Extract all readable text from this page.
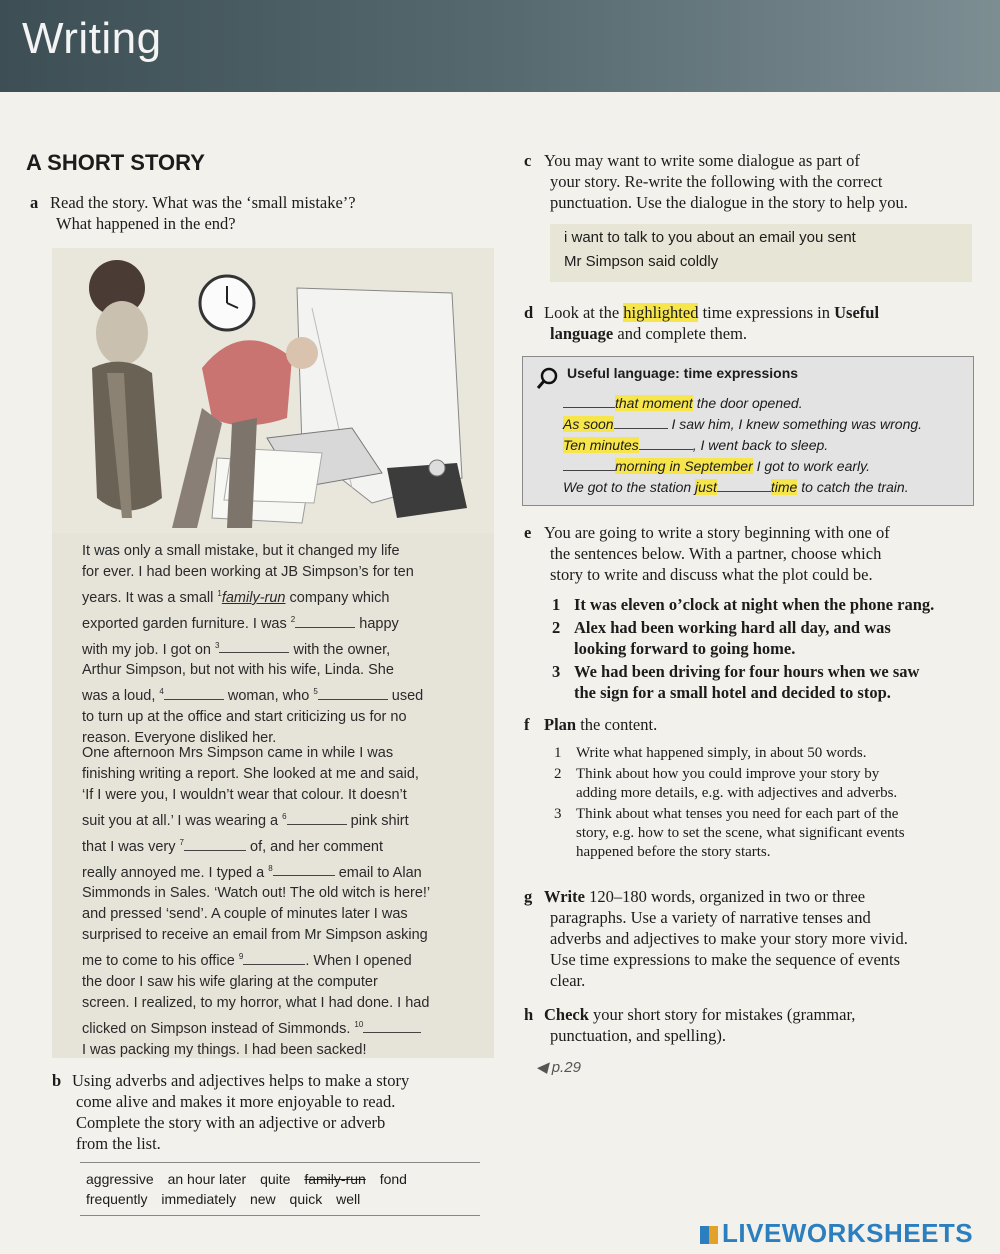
Writing
A SHORT STORY
a Read the story. What was the ‘small mistake’?
What happened in the end?
It was only a small mistake, but it changed my life
for ever. I had been working at JB Simpson’s for ten
years. It was a small $^1$family-run company which
exported garden furniture. I was $^2$	happy
with my job. I got on $^3$	with the owner,
Arthur Simpson, but not with his wife, Linda. She
was a loud, $^4$	woman, who $^5$	used
to turn up at the office and start criticizing us for no
reason. Everyone disliked her.
One afternoon Mrs Simpson came in while I was
finishing writing a report. She looked at me and said,
‘If I were you, I wouldn’t wear that colour. It doesn’t
suit you at all.’ I was wearing a $^6$	pink shirt
that I was very $^7$	of, and her comment
really annoyed me. I typed a $^8$	email to Alan
Simmonds in Sales. ‘Watch out! The old witch is here!’
and pressed ‘send’. A couple of minutes later I was
surprised to receive an email from Mr Simpson asking
me to come to his office $^9$	. When I opened
the door I saw his wife glaring at the computer
screen. I realized, to my horror, what I had done. I had
clicked on Simpson instead of Simmonds. $^{10}$
I was packing my things. I had been sacked!
b Using adverbs and adjectives helps to make a story
come alive and makes it more enjoyable to read.
Complete the story with an adjective or adverb
from the list.
aggressive an hour later quite family-run fond
frequently immediately new quick well
c You may want to write some dialogue as part of
your story. Re-write the following with the correct
punctuation. Use the dialogue in the story to help you.
i want to talk to you about an email you sent
Mr Simpson said coldly
d Look at the highlighted time expressions in Useful
language and complete them.
Useful language: time expressions
that moment the door opened.
As soon	I saw him, I knew something was wrong.
Ten minutes	, I went back to sleep.
morning in September I got to work early.
We got to the station just	time to catch the train.
e You are going to write a story beginning with one of
the sentences below. With a partner, choose which
story to write and discuss what the plot could be.
1 It was eleven o’clock at night when the phone rang.
2 Alex had been working hard all day, and was
looking forward to going home.
3 We had been driving for four hours when we saw
the sign for a small hotel and decided to stop.
f Plan the content.
1 Write what happened simply, in about 50 words.
2 Think about how you could improve your story by
adding more details, e.g. with adjectives and adverbs.
3 Think about what tenses you need for each part of the
story, e.g. how to set the scene, what significant events
happened before the story starts.
g Write 120–180 words, organized in two or three
paragraphs. Use a variety of narrative tenses and
adverbs and adjectives to make your story more vivid.
Use time expressions to make the sequence of events
clear.
h Check your short story for mistakes (grammar,
punctuation, and spelling).
◀ p.29
LIVEWORKSHEETS
